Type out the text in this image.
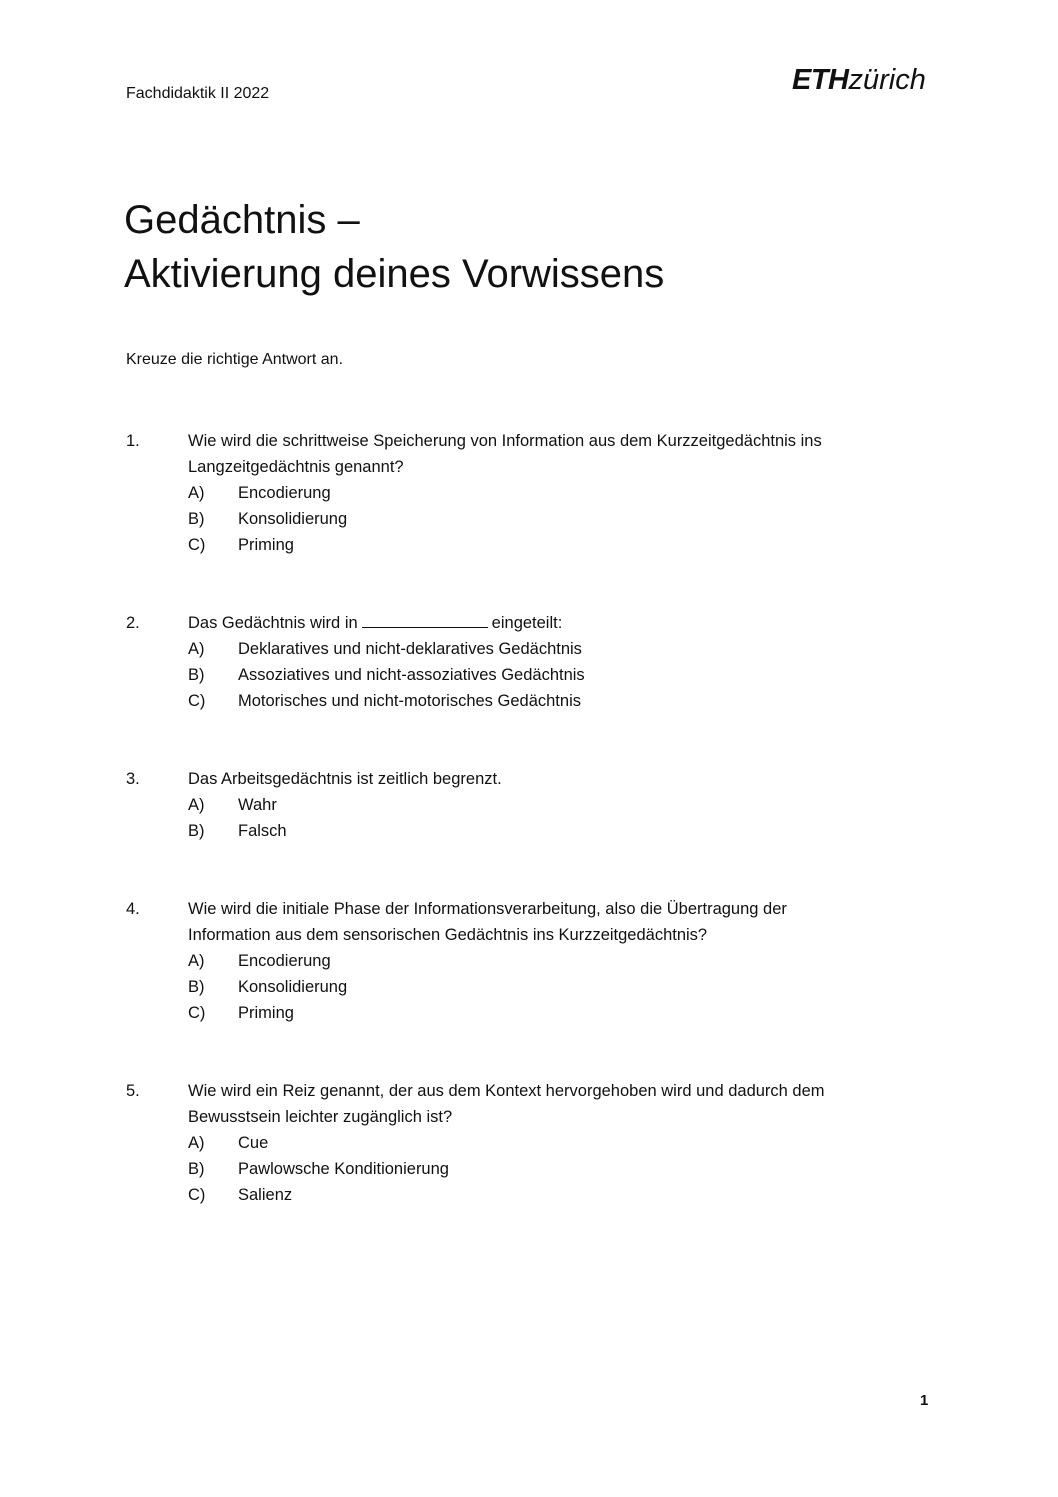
Fachdidaktik II 2022	ETHzürich
Gedächtnis –
Aktivierung deines Vorwissens
Kreuze die richtige Antwort an.
1.	Wie wird die schrittweise Speicherung von Information aus dem Kurzzeitgedächtnis ins
Langzeitgedächtnis genannt?
A)	Encodierung
B)	Konsolidierung
C)	Priming
2.	Das Gedächtnis wird in	eingeteilt:
A)	Deklaratives und nicht-deklaratives Gedächtnis
B)	Assoziatives und nicht-assoziatives Gedächtnis
C)	Motorisches und nicht-motorisches Gedächtnis
3.	Das Arbeitsgedächtnis ist zeitlich begrenzt.
A)	Wahr
B)	Falsch
4.	Wie wird die initiale Phase der Informationsverarbeitung, also die Übertragung der
Information aus dem sensorischen Gedächtnis ins Kurzzeitgedächtnis?
A)	Encodierung
B)	Konsolidierung
C)	Priming
5.	Wie wird ein Reiz genannt, der aus dem Kontext hervorgehoben wird und dadurch dem
Bewusstsein leichter zugänglich ist?
A)	Cue
B)	Pawlowsche Konditionierung
C)	Salienz
1
